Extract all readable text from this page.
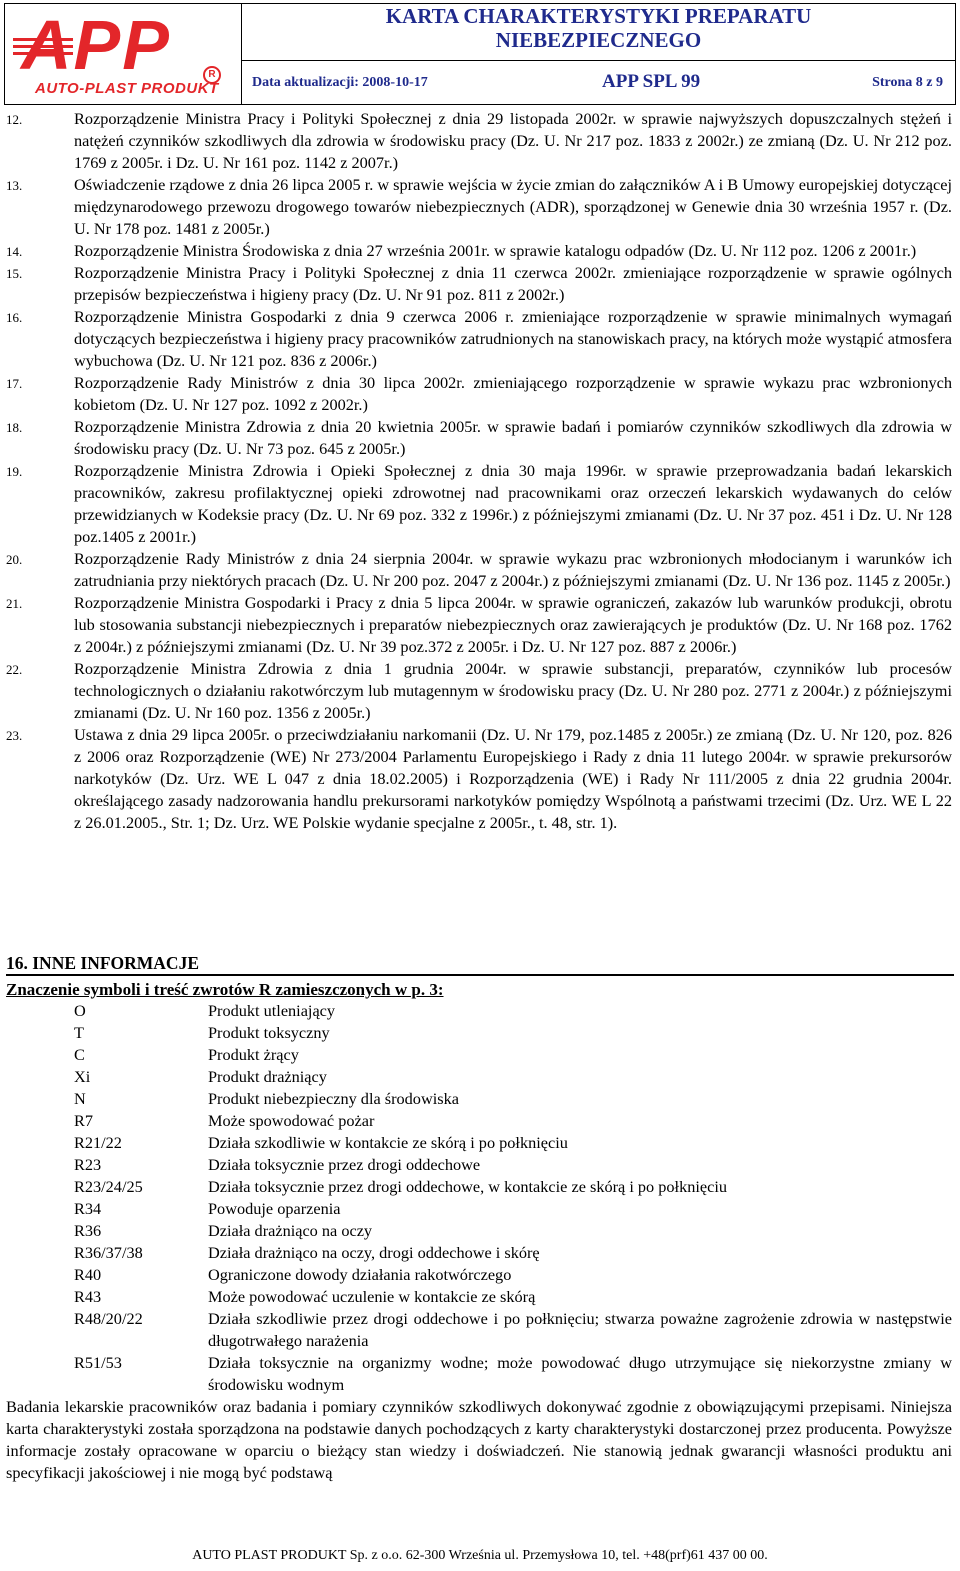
APP	R
AUTO-PLAST PRODUKT
KARTA CHARAKTERYSTYKI PREPARATU
NIEBEZPIECZNEGO
Data aktualizacji: 2008-10-17	APP SPL 99	Strona 8 z 9
12.	Rozporządzenie Ministra Pracy i Polityki Społecznej z dnia 29 listopada 2002r. w sprawie najwyższych dopuszczalnych stężeń i natężeń czynników szkodliwych dla zdrowia w środowisku pracy (Dz. U. Nr 217 poz. 1833 z 2002r.) ze zmianą (Dz. U. Nr 212 poz. 1769 z 2005r. i Dz. U. Nr 161 poz. 1142 z 2007r.)
13.	Oświadczenie rządowe z dnia 26 lipca 2005 r. w sprawie wejścia w życie zmian do załączników A i B Umowy europejskiej dotyczącej międzynarodowego przewozu drogowego towarów niebezpiecznych (ADR), sporządzonej w Genewie dnia 30 września 1957 r. (Dz. U. Nr 178 poz. 1481 z 2005r.)
14.	Rozporządzenie Ministra Środowiska z dnia 27 września 2001r. w sprawie katalogu odpadów (Dz. U. Nr 112 poz. 1206 z 2001r.)
15.	Rozporządzenie Ministra Pracy i Polityki Społecznej z dnia 11 czerwca 2002r. zmieniające rozporządzenie w sprawie ogólnych przepisów bezpieczeństwa i higieny pracy (Dz. U. Nr 91 poz. 811 z 2002r.)
16.	Rozporządzenie Ministra Gospodarki z dnia 9 czerwca 2006 r. zmieniające rozporządzenie w sprawie minimalnych wymagań dotyczących bezpieczeństwa i higieny pracy pracowników zatrudnionych na stanowiskach pracy, na których może wystąpić atmosfera wybuchowa (Dz. U. Nr 121 poz. 836 z 2006r.)
17.	Rozporządzenie Rady Ministrów z dnia 30 lipca 2002r. zmieniającego rozporządzenie w sprawie wykazu prac wzbronionych kobietom (Dz. U. Nr 127 poz. 1092 z 2002r.)
18.	Rozporządzenie Ministra Zdrowia z dnia 20 kwietnia 2005r. w sprawie badań i pomiarów czynników szkodliwych dla zdrowia w środowisku pracy (Dz. U. Nr 73 poz. 645 z 2005r.)
19.	Rozporządzenie Ministra Zdrowia i Opieki Społecznej z dnia 30 maja 1996r. w sprawie przeprowadzania badań lekarskich pracowników, zakresu profilaktycznej opieki zdrowotnej nad pracownikami oraz orzeczeń lekarskich wydawanych do celów przewidzianych w Kodeksie pracy (Dz. U. Nr 69 poz. 332 z 1996r.) z późniejszymi zmianami (Dz. U. Nr 37 poz. 451 i Dz. U. Nr 128 poz.1405 z 2001r.)
20.	Rozporządzenie Rady Ministrów z dnia 24 sierpnia 2004r. w sprawie wykazu prac wzbronionych młodocianym i warunków ich zatrudniania przy niektórych pracach (Dz. U. Nr 200 poz. 2047 z 2004r.) z późniejszymi zmianami (Dz. U. Nr 136 poz. 1145 z 2005r.)
21.	Rozporządzenie Ministra Gospodarki i Pracy z dnia 5 lipca 2004r. w sprawie ograniczeń, zakazów lub warunków produkcji, obrotu lub stosowania substancji niebezpiecznych i preparatów niebezpiecznych oraz zawierających je produktów (Dz. U. Nr 168 poz. 1762 z 2004r.) z późniejszymi zmianami (Dz. U. Nr 39 poz.372 z 2005r. i Dz. U. Nr 127 poz. 887 z 2006r.)
22.	Rozporządzenie Ministra Zdrowia z dnia 1 grudnia 2004r. w sprawie substancji, preparatów, czynników lub procesów technologicznych o działaniu rakotwórczym lub mutagennym w środowisku pracy (Dz. U. Nr 280 poz. 2771 z 2004r.) z późniejszymi zmianami (Dz. U. Nr 160 poz. 1356 z 2005r.)
23.	Ustawa z dnia 29 lipca 2005r. o przeciwdziałaniu narkomanii (Dz. U. Nr 179, poz.1485 z 2005r.) ze zmianą (Dz. U. Nr 120, poz. 826 z 2006 oraz Rozporządzenie (WE) Nr 273/2004 Parlamentu Europejskiego i Rady z dnia 11 lutego 2004r. w sprawie prekursorów narkotyków (Dz. Urz. WE L 047 z dnia 18.02.2005) i Rozporządzenia (WE) i Rady Nr 111/2005 z dnia 22 grudnia 2004r. określającego zasady nadzorowania handlu prekursorami narkotyków pomiędzy Wspólnotą a państwami trzecimi (Dz. Urz. WE L 22 z 26.01.2005., Str. 1; Dz. Urz. WE Polskie wydanie specjalne z 2005r., t. 48, str. 1).
16. INNE INFORMACJE
Znaczenie symboli i treść zwrotów R zamieszczonych w p. 3:
O	Produkt utleniający
T	Produkt toksyczny
C	Produkt żrący
Xi	Produkt drażniący
N	Produkt niebezpieczny dla środowiska
R7	Może spowodować pożar
R21/22	Działa szkodliwie w kontakcie ze skórą i po połknięciu
R23	Działa toksycznie przez drogi oddechowe
R23/24/25	Działa toksycznie przez drogi oddechowe, w kontakcie ze skórą i po połknięciu
R34	Powoduje oparzenia
R36	Działa drażniąco na oczy
R36/37/38	Działa drażniąco na oczy, drogi oddechowe i skórę
R40	Ograniczone dowody działania rakotwórczego
R43	Może powodować uczulenie w kontakcie ze skórą
R48/20/22	Działa szkodliwie przez drogi oddechowe i po połknięciu; stwarza poważne zagrożenie zdrowia w następstwie długotrwałego narażenia
R51/53	Działa toksycznie na organizmy wodne; może powodować długo utrzymujące się niekorzystne zmiany w środowisku wodnym
Badania lekarskie pracowników oraz badania i pomiary czynników szkodliwych dokonywać zgodnie z obowiązującymi przepisami. Niniejsza karta charakterystyki została sporządzona na podstawie danych pochodzących z karty charakterystyki dostarczonej przez producenta. Powyższe informacje zostały opracowane w oparciu o bieżący stan wiedzy i doświadczeń. Nie stanowią jednak gwarancji własności produktu ani specyfikacji jakościowej i nie mogą być podstawą
AUTO PLAST PRODUKT Sp. z o.o. 62-300 Września ul. Przemysłowa 10, tel. +48(prf)61 437 00 00.
